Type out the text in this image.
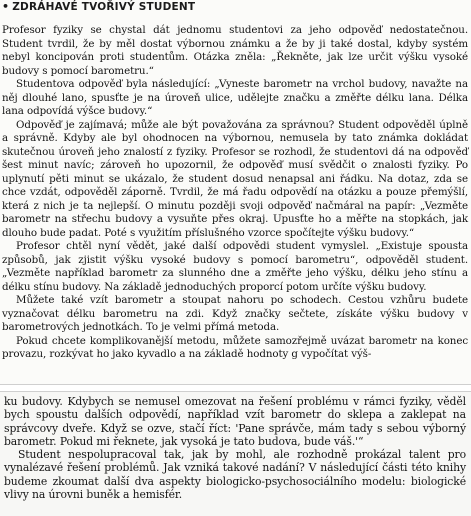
• ZDRÁHAVÉ TVOŘIVÝ STUDENT

Profesor fyziky se chystal dát jednomu studentovi za jeho odpověď nedostatečnou. Student tvrdil, že by měl dostat výbornou známku a že by ji také dostal, kdyby systém nebyl koncipován proti studentům. Otázka zněla: „Řekněte, jak lze určit výšku vysoké budovy s pomocí barometru.“

Studentova odpověď byla následující: „Vyneste barometr na vrchol budovy, navažte na něj dlouhé lano, spusťte je na úroveň ulice, udělejte značku a změřte délku lana. Délka lana odpovídá výšce budovy.“

Odpověď je zajímavá; může ale být považována za správnou? Student odpověděl úplně a správně. Kdyby ale byl ohodnocen na výbornou, nemusela by tato známka dokládat skutečnou úroveň jeho znalostí z fyziky. Profesor se rozhodl, že studentovi dá na odpověď šest minut navíc; zároveň ho upozornil, že odpověď musí svědčit o znalosti fyziky. Po uplynutí pěti minut se ukázalo, že student dosud nenapsal ani řádku. Na dotaz, zda se chce vzdát, odpověděl záporně. Tvrdil, že má řadu odpovědí na otázku a pouze přemýšlí, která z nich je ta nejlepší. O minutu později svoji odpověď načmáral na papír: „Vezměte barometr na střechu budovy a vysuňte přes okraj. Upusťte ho a měřte na stopkách, jak dlouho bude padat. Poté s využitím příslušného vzorce spočítejte výšku budovy.“

Profesor chtěl nyní vědět, jaké další odpovědi student vymyslel. „Existuje spousta způsobů, jak zjistit výšku vysoké budovy s pomocí barometru“, odpověděl student. „Vezměte například barometr za slunného dne a změřte jeho výšku, délku jeho stínu a délku stínu budovy. Na základě jednoduchých proporcí potom určíte výšku budovy.

Můžete také vzít barometr a stoupat nahoru po schodech. Cestou vzhůru budete vyznačovat délku barometru na zdi. Když značky sečtete, získáte výšku budovy v barometrových jednotkách. To je velmi přímá metoda.

Pokud chcete komplikovanější metodu, můžete samozřejmě uvázat barometr na konec provazu, rozkývat ho jako kyvadlo a na základě hodnoty g vypočítat výš-

ku budovy. Kdybych se nemusel omezovat na řešení problému v rámci fyziky, věděl bych spoustu dalších odpovědí, například vzít barometr do sklepa a zaklepat na správcovy dveře. Když se ozve, stačí říct: 'Pane správče, mám tady s sebou výborný barometr. Pokud mi řeknete, jak vysoká je tato budova, bude váš.'“

Student nespolupracoval tak, jak by mohl, ale rozhodně prokázal talent pro vynalézavé řešení problémů. Jak vzniká takové nadání? V následující části této knihy budeme zkoumat další dva aspekty biologicko-psychosociálního modelu: biologické vlivy na úrovni buněk a hemisfér.
